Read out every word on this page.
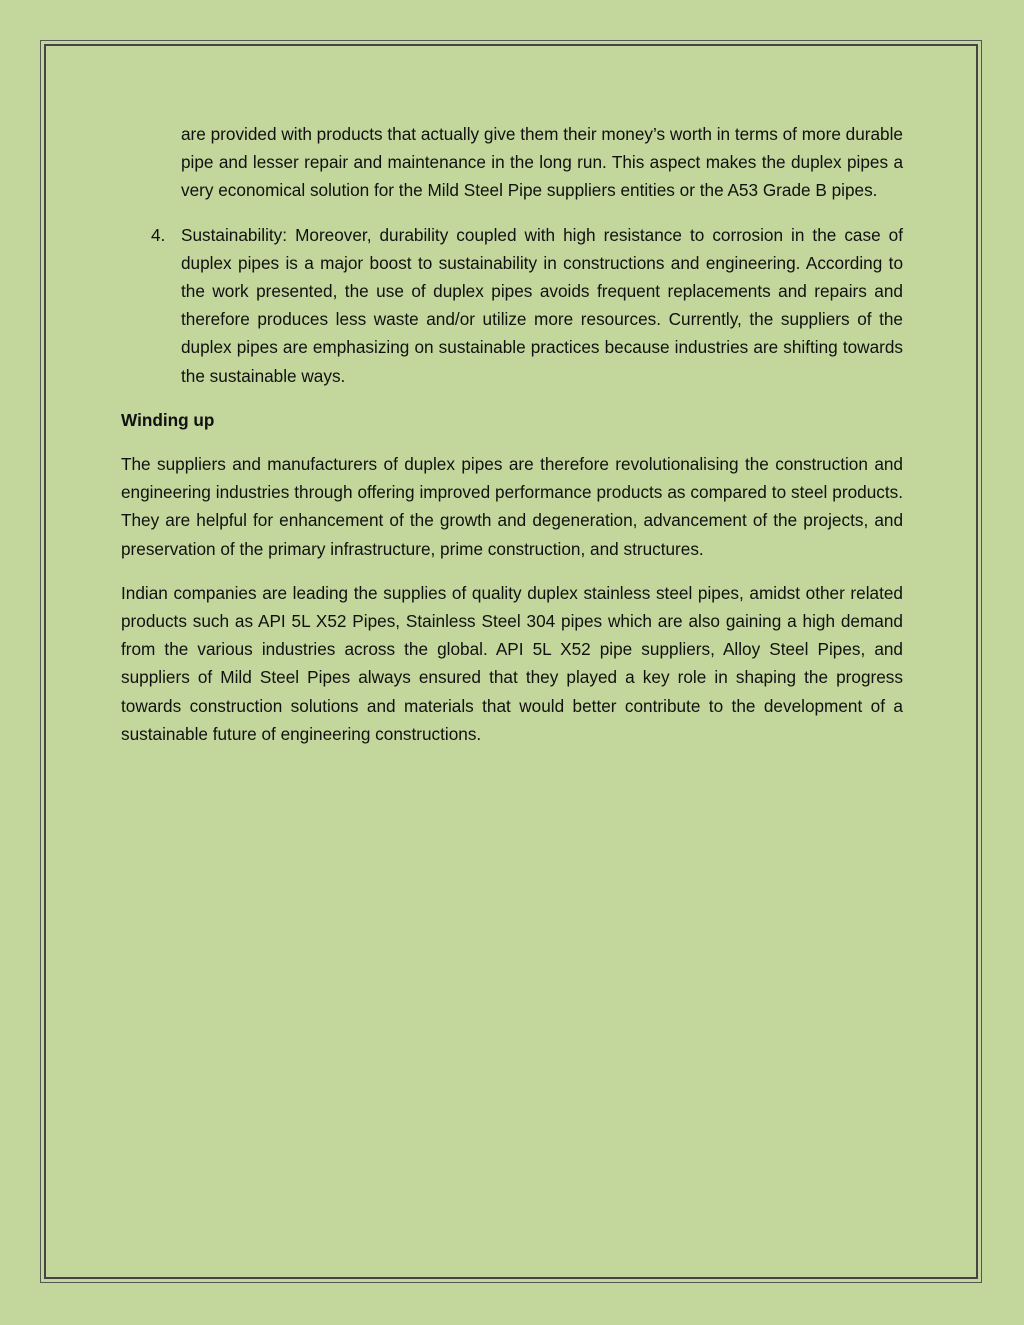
are provided with products that actually give them their money’s worth in terms of more durable pipe and lesser repair and maintenance in the long run. This aspect makes the duplex pipes a very economical solution for the Mild Steel Pipe suppliers entities or the A53 Grade B pipes.

4. Sustainability: Moreover, durability coupled with high resistance to corrosion in the case of duplex pipes is a major boost to sustainability in constructions and engineering. According to the work presented, the use of duplex pipes avoids frequent replacements and repairs and therefore produces less waste and/or utilize more resources. Currently, the suppliers of the duplex pipes are emphasizing on sustainable practices because industries are shifting towards the sustainable ways.

Winding up

The suppliers and manufacturers of duplex pipes are therefore revolutionalising the construction and engineering industries through offering improved performance products as compared to steel products. They are helpful for enhancement of the growth and degeneration, advancement of the projects, and preservation of the primary infrastructure, prime construction, and structures.

Indian companies are leading the supplies of quality duplex stainless steel pipes, amidst other related products such as API 5L X52 Pipes, Stainless Steel 304 pipes which are also gaining a high demand from the various industries across the global. API 5L X52 pipe suppliers, Alloy Steel Pipes, and suppliers of Mild Steel Pipes always ensured that they played a key role in shaping the progress towards construction solutions and materials that would better contribute to the development of a sustainable future of engineering constructions.
